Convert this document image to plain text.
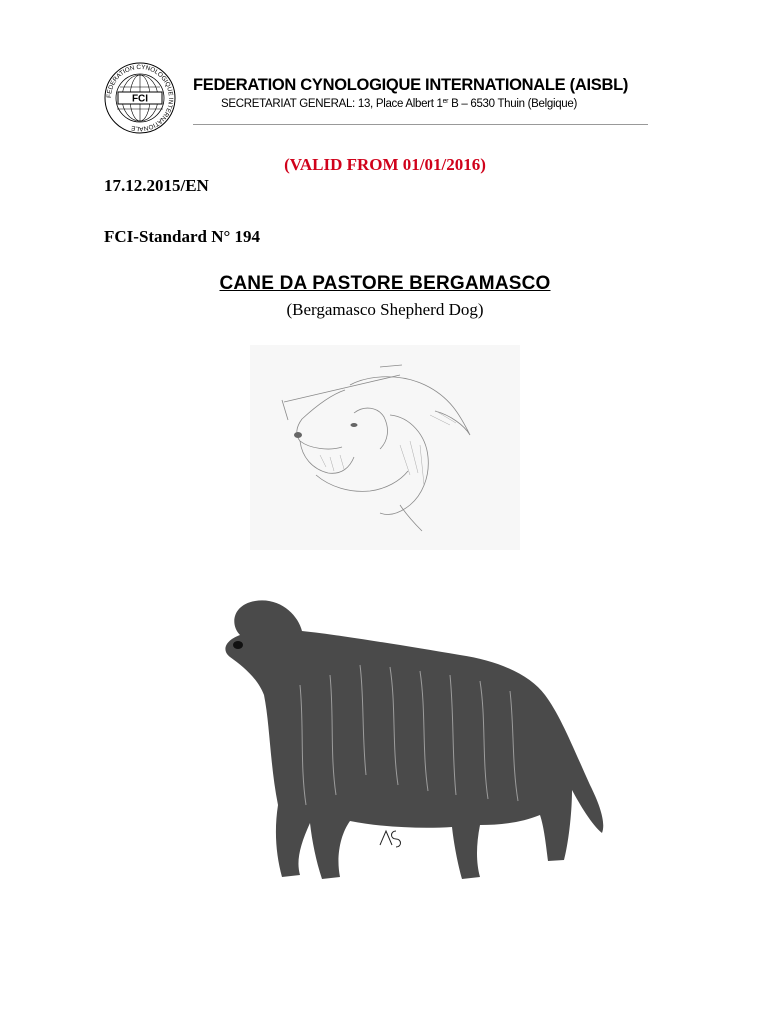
FEDERATION CYNOLOGIQUE INTERNATIONALE
FCI
FEDERATION CYNOLOGIQUE INTERNATIONALE (AISBL)
SECRETARIAT GENERAL: 13, Place Albert 1er B – 6530 Thuin (Belgique)
(VALID FROM 01/01/2016)
17.12.2015/EN
FCI-Standard N° 194
CANE DA PASTORE BERGAMASCO
(Bergamasco Shepherd Dog)
